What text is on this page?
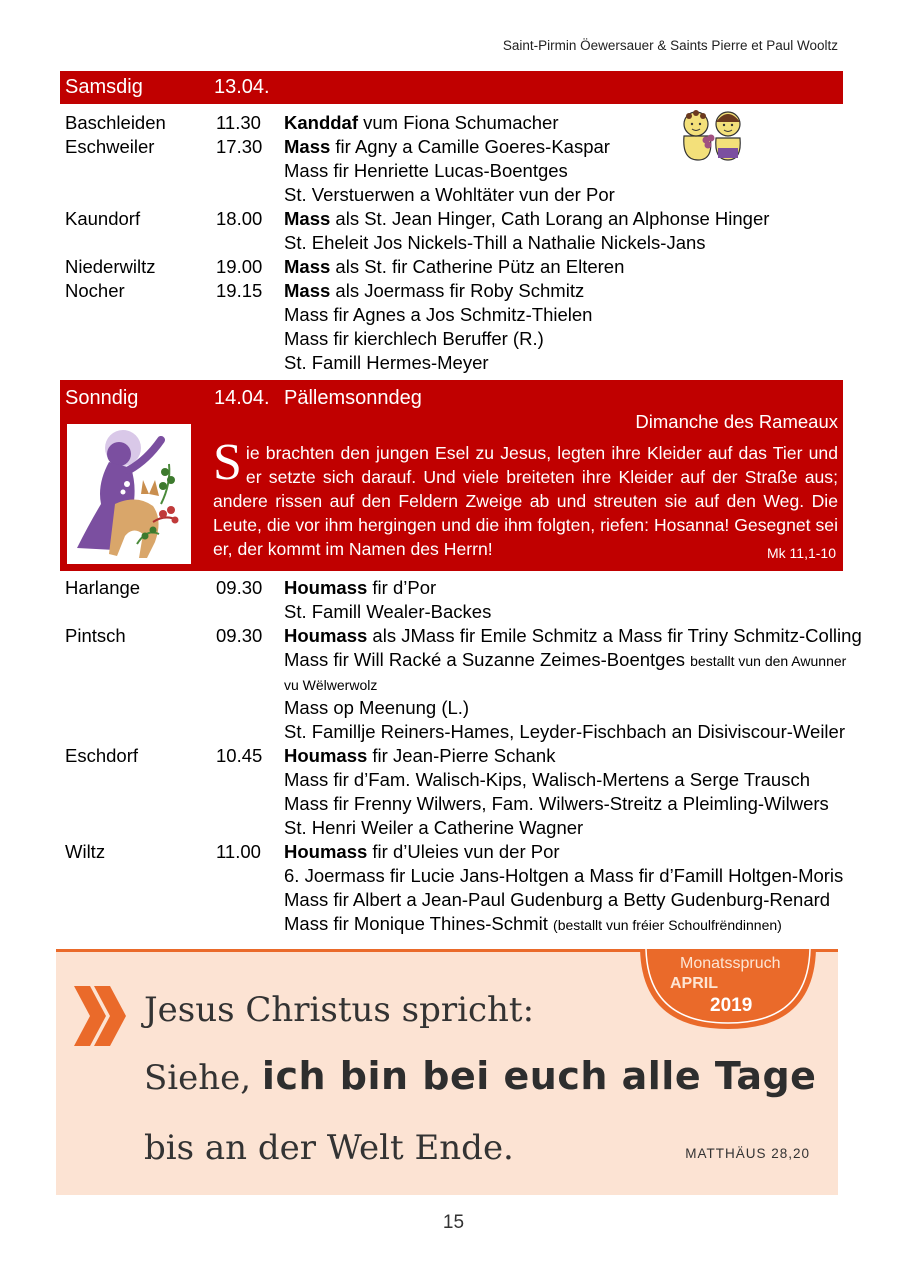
Saint-Pirmin Öewersauer & Saints Pierre et Paul Wooltz
Samsdig	13.04.
Baschleiden	11.30 Kanddaf vum Fiona Schumacher
Eschweiler	17.30 Mass fir Agny a Camille Goeres-Kaspar
Mass fir Henriette Lucas-Boentges
St. Verstuerwen a Wohltäter vun der Por
Kaundorf	18.00 Mass als St. Jean Hinger, Cath Lorang an Alphonse Hinger
St. Eheleit Jos Nickels-Thill a Nathalie Nickels-Jans
Niederwiltz	19.00 Mass als St. fir Catherine Pütz an Elteren
Nocher	19.15 Mass als Joermass fir Roby Schmitz
Mass fir Agnes a Jos Schmitz-Thielen
Mass fir kierchlech Beruffer (R.)
St. Famill Hermes-Meyer
Sonndig	14.04. Pällemsonndeg
Dimanche des Rameaux
Sie brachten den jungen Esel zu Jesus, legten ihre Kleider auf das Tier und er setzte sich darauf. Und viele breiteten ihre Kleider auf der Straße aus; andere rissen auf den Feldern Zweige ab und streuten sie auf den Weg. Die Leute, die vor ihm hergingen und die ihm folgten, riefen: Hosanna! Gesegnet sei er, der kommt im Namen des Herrn!	Mk 11,1-10
Harlange	09.30 Houmass fir d’Por
St. Famill Wealer-Backes
Pintsch	09.30 Houmass als JMass fir Emile Schmitz a Mass fir Triny Schmitz-Colling
Mass fir Will Racké a Suzanne Zeimes-Boentges bestallt vun den Awunner
vu Wëlwerwolz
Mass op Meenung (L.)
St. Famillje Reiners-Hames, Leyder-Fischbach an Disiviscour-Weiler
Eschdorf	10.45 Houmass fir Jean-Pierre Schank
Mass fir d’Fam. Walisch-Kips, Walisch-Mertens a Serge Trausch
Mass fir Frenny Wilwers, Fam. Wilwers-Streitz a Pleimling-Wilwers
St. Henri Weiler a Catherine Wagner
Wiltz	11.00 Houmass fir d’Uleies vun der Por
6. Joermass fir Lucie Jans-Holtgen a Mass fir d’Famill Holtgen-Moris
Mass fir Albert a Jean-Paul Gudenburg a Betty Gudenburg-Renard
Mass fir Monique Thines-Schmit (bestallt vun fréier Schoulfrëndinnen)
Jesus Christus spricht:
Siehe, ich bin bei euch alle Tage
bis an der Welt Ende.	MATTHÄUS 28,20
Monatsspruch
APRIL
2019
15
